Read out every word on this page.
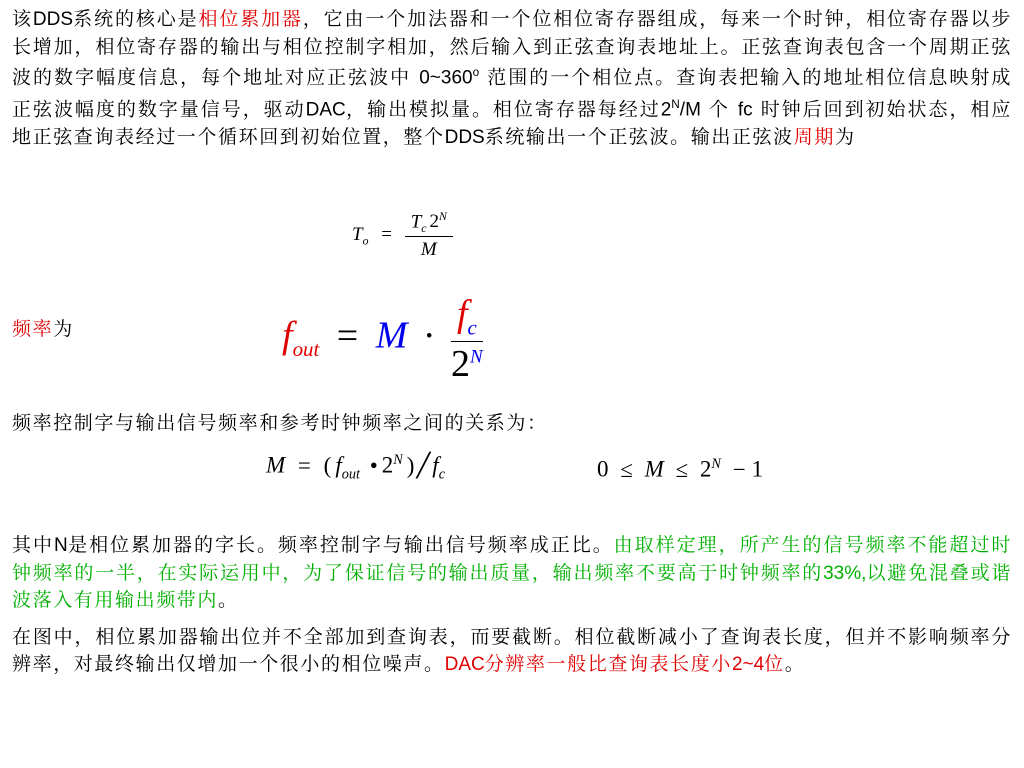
该DDS系统的核心是相位累加器，它由一个加法器和一个位相位寄存器组成，每来一个时钟，相位寄存器以步长增加，相位寄存器的输出与相位控制字相加，然后输入到正弦查询表地址上。正弦查询表包含一个周期正弦波的数字幅度信息，每个地址对应正弦波中 0~360$^o$ 范围的一个相位点。查询表把输入的地址相位信息映射成正弦波幅度的数字量信号，驱动DAC，输出模拟量。相位寄存器每经过$2^N/M$ 个 fc 时钟后回到初始状态，相应地正弦查询表经过一个循环回到初始位置，整个DDS系统输出一个正弦波。输出正弦波周期为

$T_o = \frac{T_c 2^N}{M}$
频率为	$f_{out} = M \cdot \frac{f_c}{2^N}$

频率控制字与输出信号频率和参考时钟频率之间的关系为：

M = ( $f_{out}$ • $2^N$ )$╱f_c$	$0 \le M \le 2^N - 1$

其中N是相位累加器的字长。频率控制字与输出信号频率成正比。由取样定理，所产生的信号频率不能超过时钟频率的一半，在实际运用中，为了保证信号的输出质量，输出频率不要高于时钟频率的33%,以避免混叠或谐波落入有用输出频带内。

在图中，相位累加器输出位并不全部加到查询表，而要截断。相位截断减小了查询表长度，但并不影响频率分辨率，对最终输出仅增加一个很小的相位噪声。DAC分辨率一般比查询表长度小2~4位。
